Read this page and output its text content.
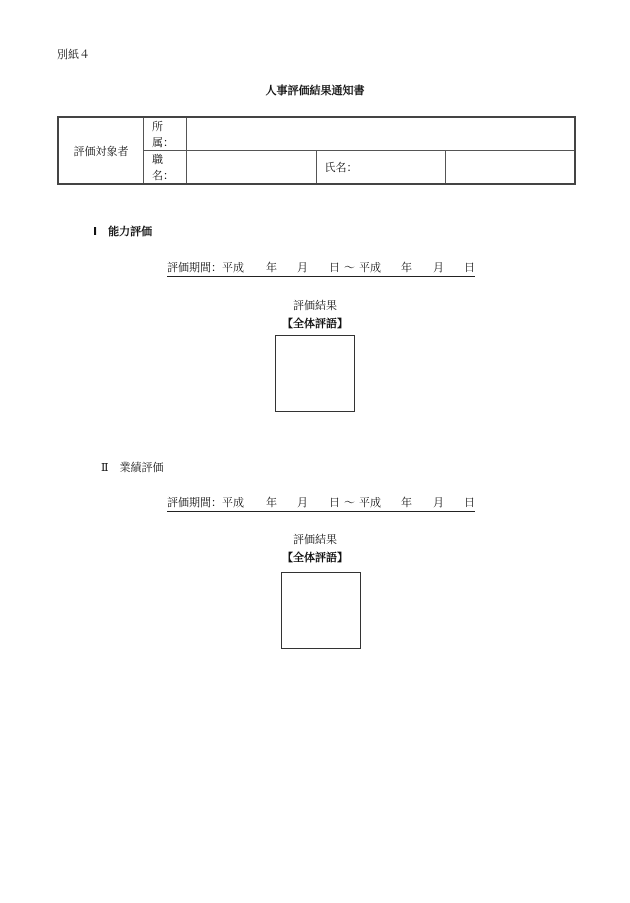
別紙４
人事評価結果通知書
評価対象者	所属：			
	職名：		氏名：	
Ⅰ　能力評価
評価期間： 平成 年 月 日 ～ 平成 年 月 日
評価結果
【全体評語】
Ⅱ　業績評価
評価期間： 平成 年 月 日 ～ 平成 年 月 日
評価結果
【全体評語】
